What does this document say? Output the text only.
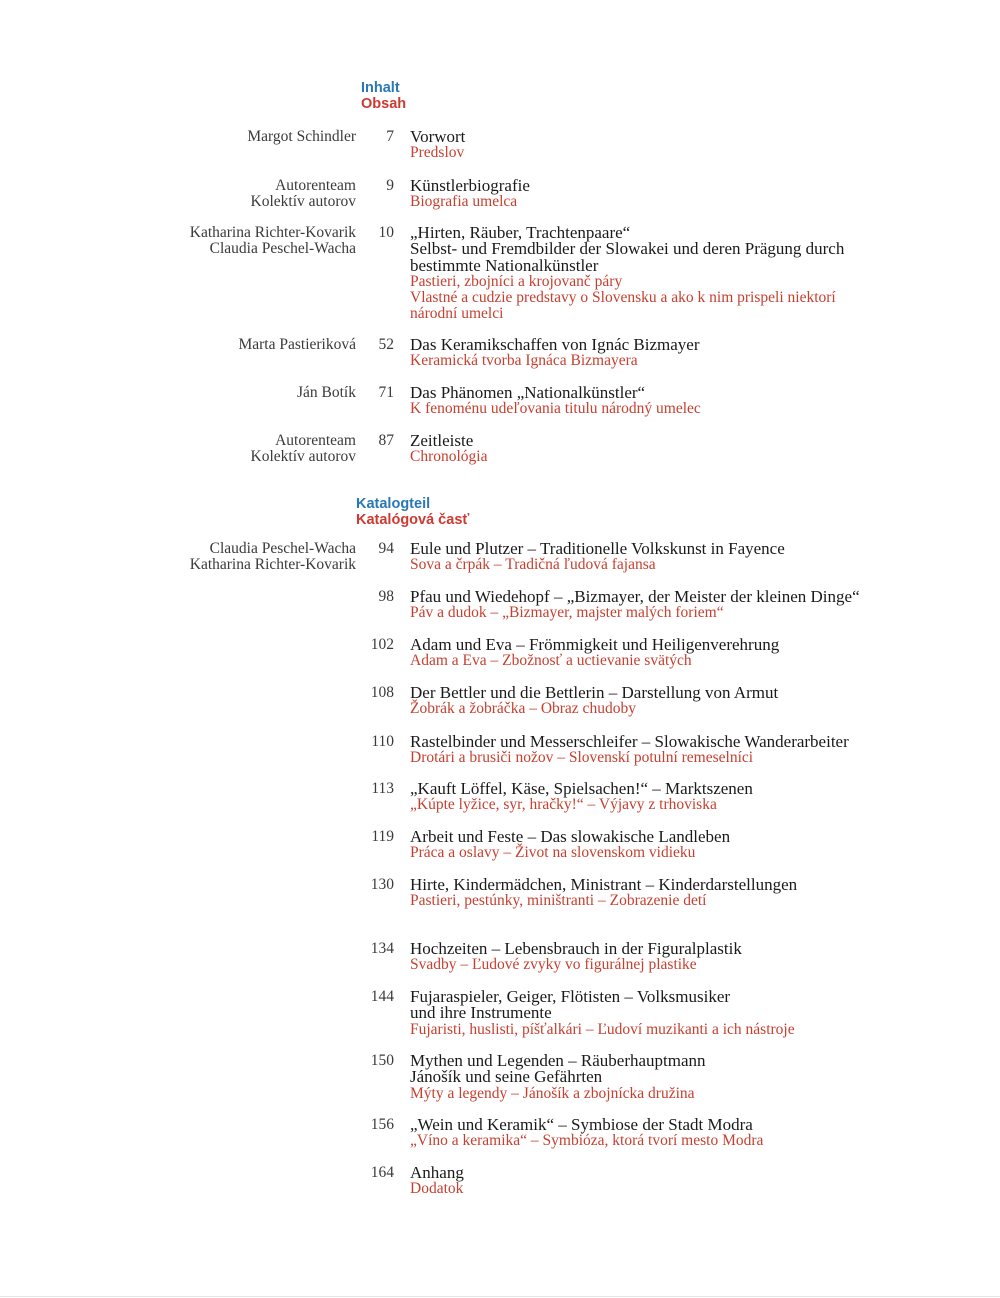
Inhalt
Obsah
Katalogteil
Katalógová časť
Margot Schindler	7 Vorwort
Predslov
Autorenteam
Kolektív autorov
9 Künstlerbiografie
Biografia umelca
Katharina Richter-Kovarik
Claudia Peschel-Wacha
10 „Hirten, Räuber, Trachtenpaare“
Selbst- und Fremdbilder der Slowakei und deren Prägung durch
bestimmte Nationalkünstler
Pastieri, zbojníci a krojovanč páry
Vlastné a cudzie predstavy o Slovensku a ako k nim prispeli niektorí
národní umelci
Marta Pastieriková	52 Das Keramikschaffen von Ignác Bizmayer
Keramická tvorba Ignáca Bizmayera
Ján Botík	71 Das Phänomen „Nationalkünstler“
K fenoménu udeľovania titulu národný umelec
Autorenteam
Kolektív autorov
87 Zeitleiste
Chronológia
Claudia Peschel-Wacha
Katharina Richter-Kovarik
94 Eule und Plutzer – Traditionelle Volkskunst in Fayence
Sova a črpák – Tradičná ľudová fajansa
98 Pfau und Wiedehopf – „Bizmayer, der Meister der kleinen Dinge“
Páv a dudok – „Bizmayer, majster malých foriem“
102 Adam und Eva – Frömmigkeit und Heiligenverehrung
Adam a Eva – Zbožnosť a uctievanie svätých
108 Der Bettler und die Bettlerin – Darstellung von Armut
Žobrák a žobráčka – Obraz chudoby
110 Rastelbinder und Messerschleifer – Slowakische Wanderarbeiter
Drotári a brusiči nožov – Slovenskí potulní remeselníci
113 „Kauft Löffel, Käse, Spielsachen!“ – Marktszenen
„Kúpte lyžice, syr, hračky!“ – Výjavy z trhoviska
119 Arbeit und Feste – Das slowakische Landleben
Práca a oslavy – Život na slovenskom vidieku
130 Hirte, Kindermädchen, Ministrant – Kinderdarstellungen
Pastieri, pestúnky, miništranti – Zobrazenie detí
134 Hochzeiten – Lebensbrauch in der Figuralplastik
Svadby – Ľudové zvyky vo figurálnej plastike
144 Fujaraspieler, Geiger, Flötisten – Volksmusiker
und ihre Instrumente
Fujaristi, huslisti, píšťalkári – Ľudoví muzikanti a ich nástroje
150 Mythen und Legenden – Räuberhauptmann
Jánošík und seine Gefährten
Mýty a legendy – Jánošík a zbojnícka družina
156 „Wein und Keramik“ – Symbiose der Stadt Modra
„Víno a keramika“ – Symbióza, ktorá tvorí mesto Modra
164 Anhang
Dodatok
